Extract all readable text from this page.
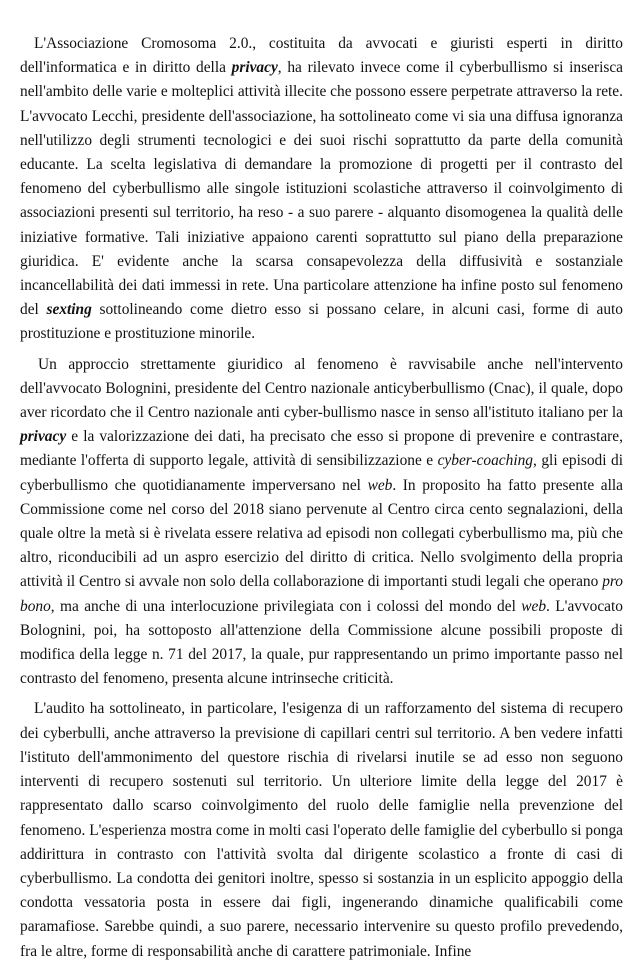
L'Associazione Cromosoma 2.0., costituita da avvocati e giuristi esperti in diritto dell'informatica e in diritto della privacy, ha rilevato invece come il cyberbullismo si inserisca nell'ambito delle varie e molteplici attività illecite che possono essere perpetrate attraverso la rete. L'avvocato Lecchi, presidente dell'associazione, ha sottolineato come vi sia una diffusa ignoranza nell'utilizzo degli strumenti tecnologici e dei suoi rischi soprattutto da parte della comunità educante. La scelta legislativa di demandare la promozione di progetti per il contrasto del fenomeno del cyberbullismo alle singole istituzioni scolastiche attraverso il coinvolgimento di associazioni presenti sul territorio, ha reso - a suo parere - alquanto disomogenea la qualità delle iniziative formative. Tali iniziative appaiono carenti soprattutto sul piano della preparazione giuridica. E' evidente anche la scarsa consapevolezza della diffusività e sostanziale incancellabilità dei dati immessi in rete. Una particolare attenzione ha infine posto sul fenomeno del sexting sottolineando come dietro esso si possano celare, in alcuni casi, forme di auto prostituzione e prostituzione minorile.

Un approccio strettamente giuridico al fenomeno è ravvisabile anche nell'intervento dell'avvocato Bolognini, presidente del Centro nazionale anticyberbullismo (Cnac), il quale, dopo aver ricordato che il Centro nazionale anti cyber-bullismo nasce in senso all'istituto italiano per la privacy e la valorizzazione dei dati, ha precisato che esso si propone di prevenire e contrastare, mediante l'offerta di supporto legale, attività di sensibilizzazione e cyber-coaching, gli episodi di cyberbullismo che quotidianamente imperversano nel web. In proposito ha fatto presente alla Commissione come nel corso del 2018 siano pervenute al Centro circa cento segnalazioni, della quale oltre la metà si è rivelata essere relativa ad episodi non collegati cyberbullismo ma, più che altro, riconducibili ad un aspro esercizio del diritto di critica. Nello svolgimento della propria attività il Centro si avvale non solo della collaborazione di importanti studi legali che operano pro bono, ma anche di una interlocuzione privilegiata con i colossi del mondo del web. L'avvocato Bolognini, poi, ha sottoposto all'attenzione della Commissione alcune possibili proposte di modifica della legge n. 71 del 2017, la quale, pur rappresentando un primo importante passo nel contrasto del fenomeno, presenta alcune intrinseche criticità.

L'audito ha sottolineato, in particolare, l'esigenza di un rafforzamento del sistema di recupero dei cyberbulli, anche attraverso la previsione di capillari centri sul territorio. A ben vedere infatti l'istituto dell'ammonimento del questore rischia di rivelarsi inutile se ad esso non seguono interventi di recupero sostenuti sul territorio. Un ulteriore limite della legge del 2017 è rappresentato dallo scarso coinvolgimento del ruolo delle famiglie nella prevenzione del fenomeno. L'esperienza mostra come in molti casi l'operato delle famiglie del cyberbullo si ponga addirittura in contrasto con l'attività svolta dal dirigente scolastico a fronte di casi di cyberbullismo. La condotta dei genitori inoltre, spesso si sostanzia in un esplicito appoggio della condotta vessatoria posta in essere dai figli, ingenerando dinamiche qualificabili come paramafiose. Sarebbe quindi, a suo parere, necessario intervenire su questo profilo prevedendo, fra le altre, forme di responsabilità anche di carattere patrimoniale. Infine
